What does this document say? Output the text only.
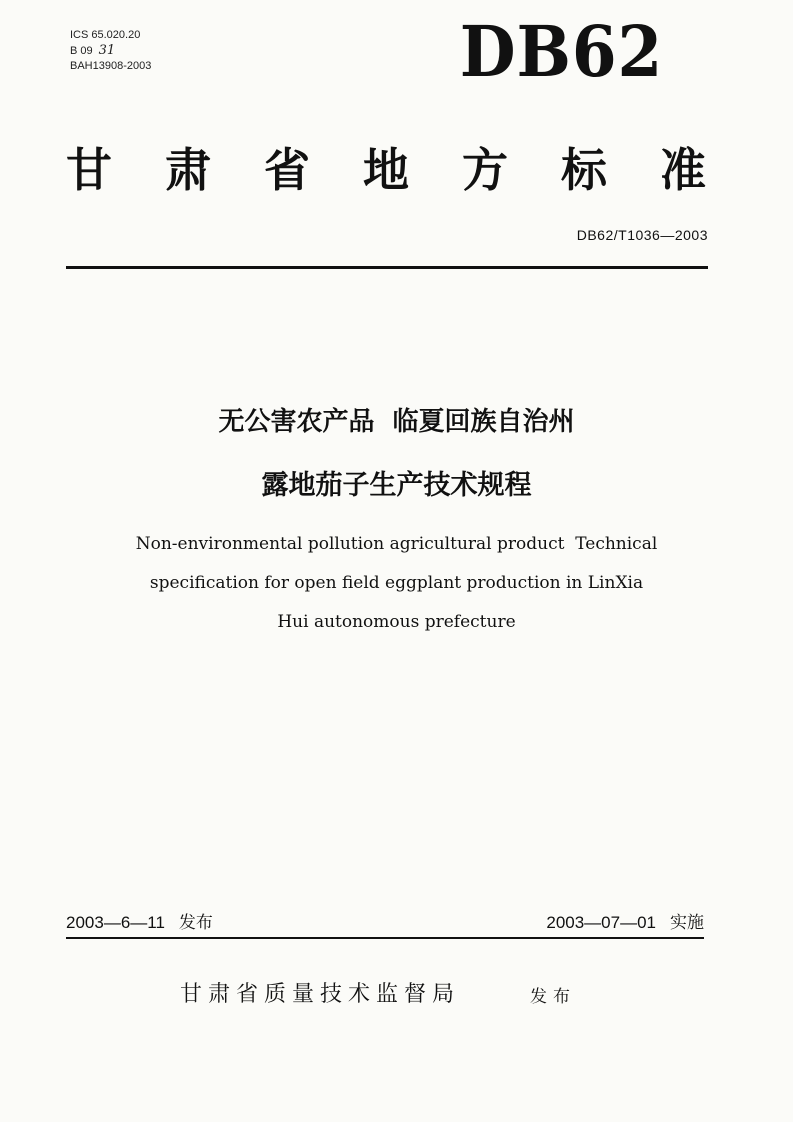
ICS 65.020.20
B 09 31
BAH13908-2003	DB62
甘 肃 省 地 方 标 准
DB62/T1036—2003
无公害农产品  临夏回族自治州
露地茄子生产技术规程
Non-environmental pollution agricultural product  Technical
specification for open field eggplant production in LinXia
Hui autonomous prefecture
2003—6—11 发布	2003—07—01 实施
甘肃省质量技术监督局	发布
